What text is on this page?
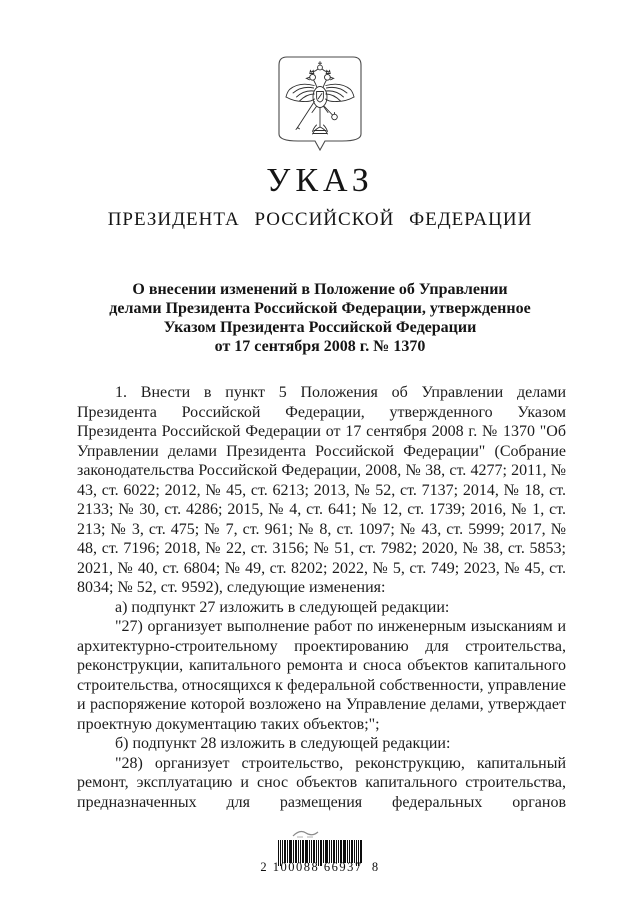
УКАЗ
ПРЕЗИДЕНТА РОССИЙСКОЙ ФЕДЕРАЦИИ
О внесении изменений в Положение об Управлении
делами Президента Российской Федерации, утвержденное
Указом Президента Российской Федерации
от 17 сентября 2008 г. № 1370

1. Внести в пункт 5 Положения об Управлении делами Президента Российской Федерации, утвержденного Указом Президента Российской Федерации от 17 сентября 2008 г. № 1370 "Об Управлении делами Президента Российской Федерации" (Собрание законодательства Российской Федерации, 2008, № 38, ст. 4277; 2011, № 43, ст. 6022; 2012, № 45, ст. 6213; 2013, № 52, ст. 7137; 2014, № 18, ст. 2133; № 30, ст. 4286; 2015, № 4, ст. 641; № 12, ст. 1739; 2016, № 1, ст. 213; № 3, ст. 475; № 7, ст. 961; № 8, ст. 1097; № 43, ст. 5999; 2017, № 48, ст. 7196; 2018, № 22, ст. 3156; № 51, ст. 7982; 2020, № 38, ст. 5853; 2021, № 40, ст. 6804; № 49, ст. 8202; 2022, № 5, ст. 749; 2023, № 45, ст. 8034; № 52, ст. 9592), следующие изменения:

а) подпункт 27 изложить в следующей редакции:

"27) организует выполнение работ по инженерным изысканиям и архитектурно-строительному проектированию для строительства, реконструкции, капитального ремонта и сноса объектов капитального строительства, относящихся к федеральной собственности, управление и распоряжение которой возложено на Управление делами, утверждает проектную документацию таких объектов;";

б) подпункт 28 изложить в следующей редакции:

"28) организует строительство, реконструкцию, капитальный ремонт, эксплуатацию и снос объектов капитального строительства, предназначенных для размещения федеральных органов

2 100088 66937  8
